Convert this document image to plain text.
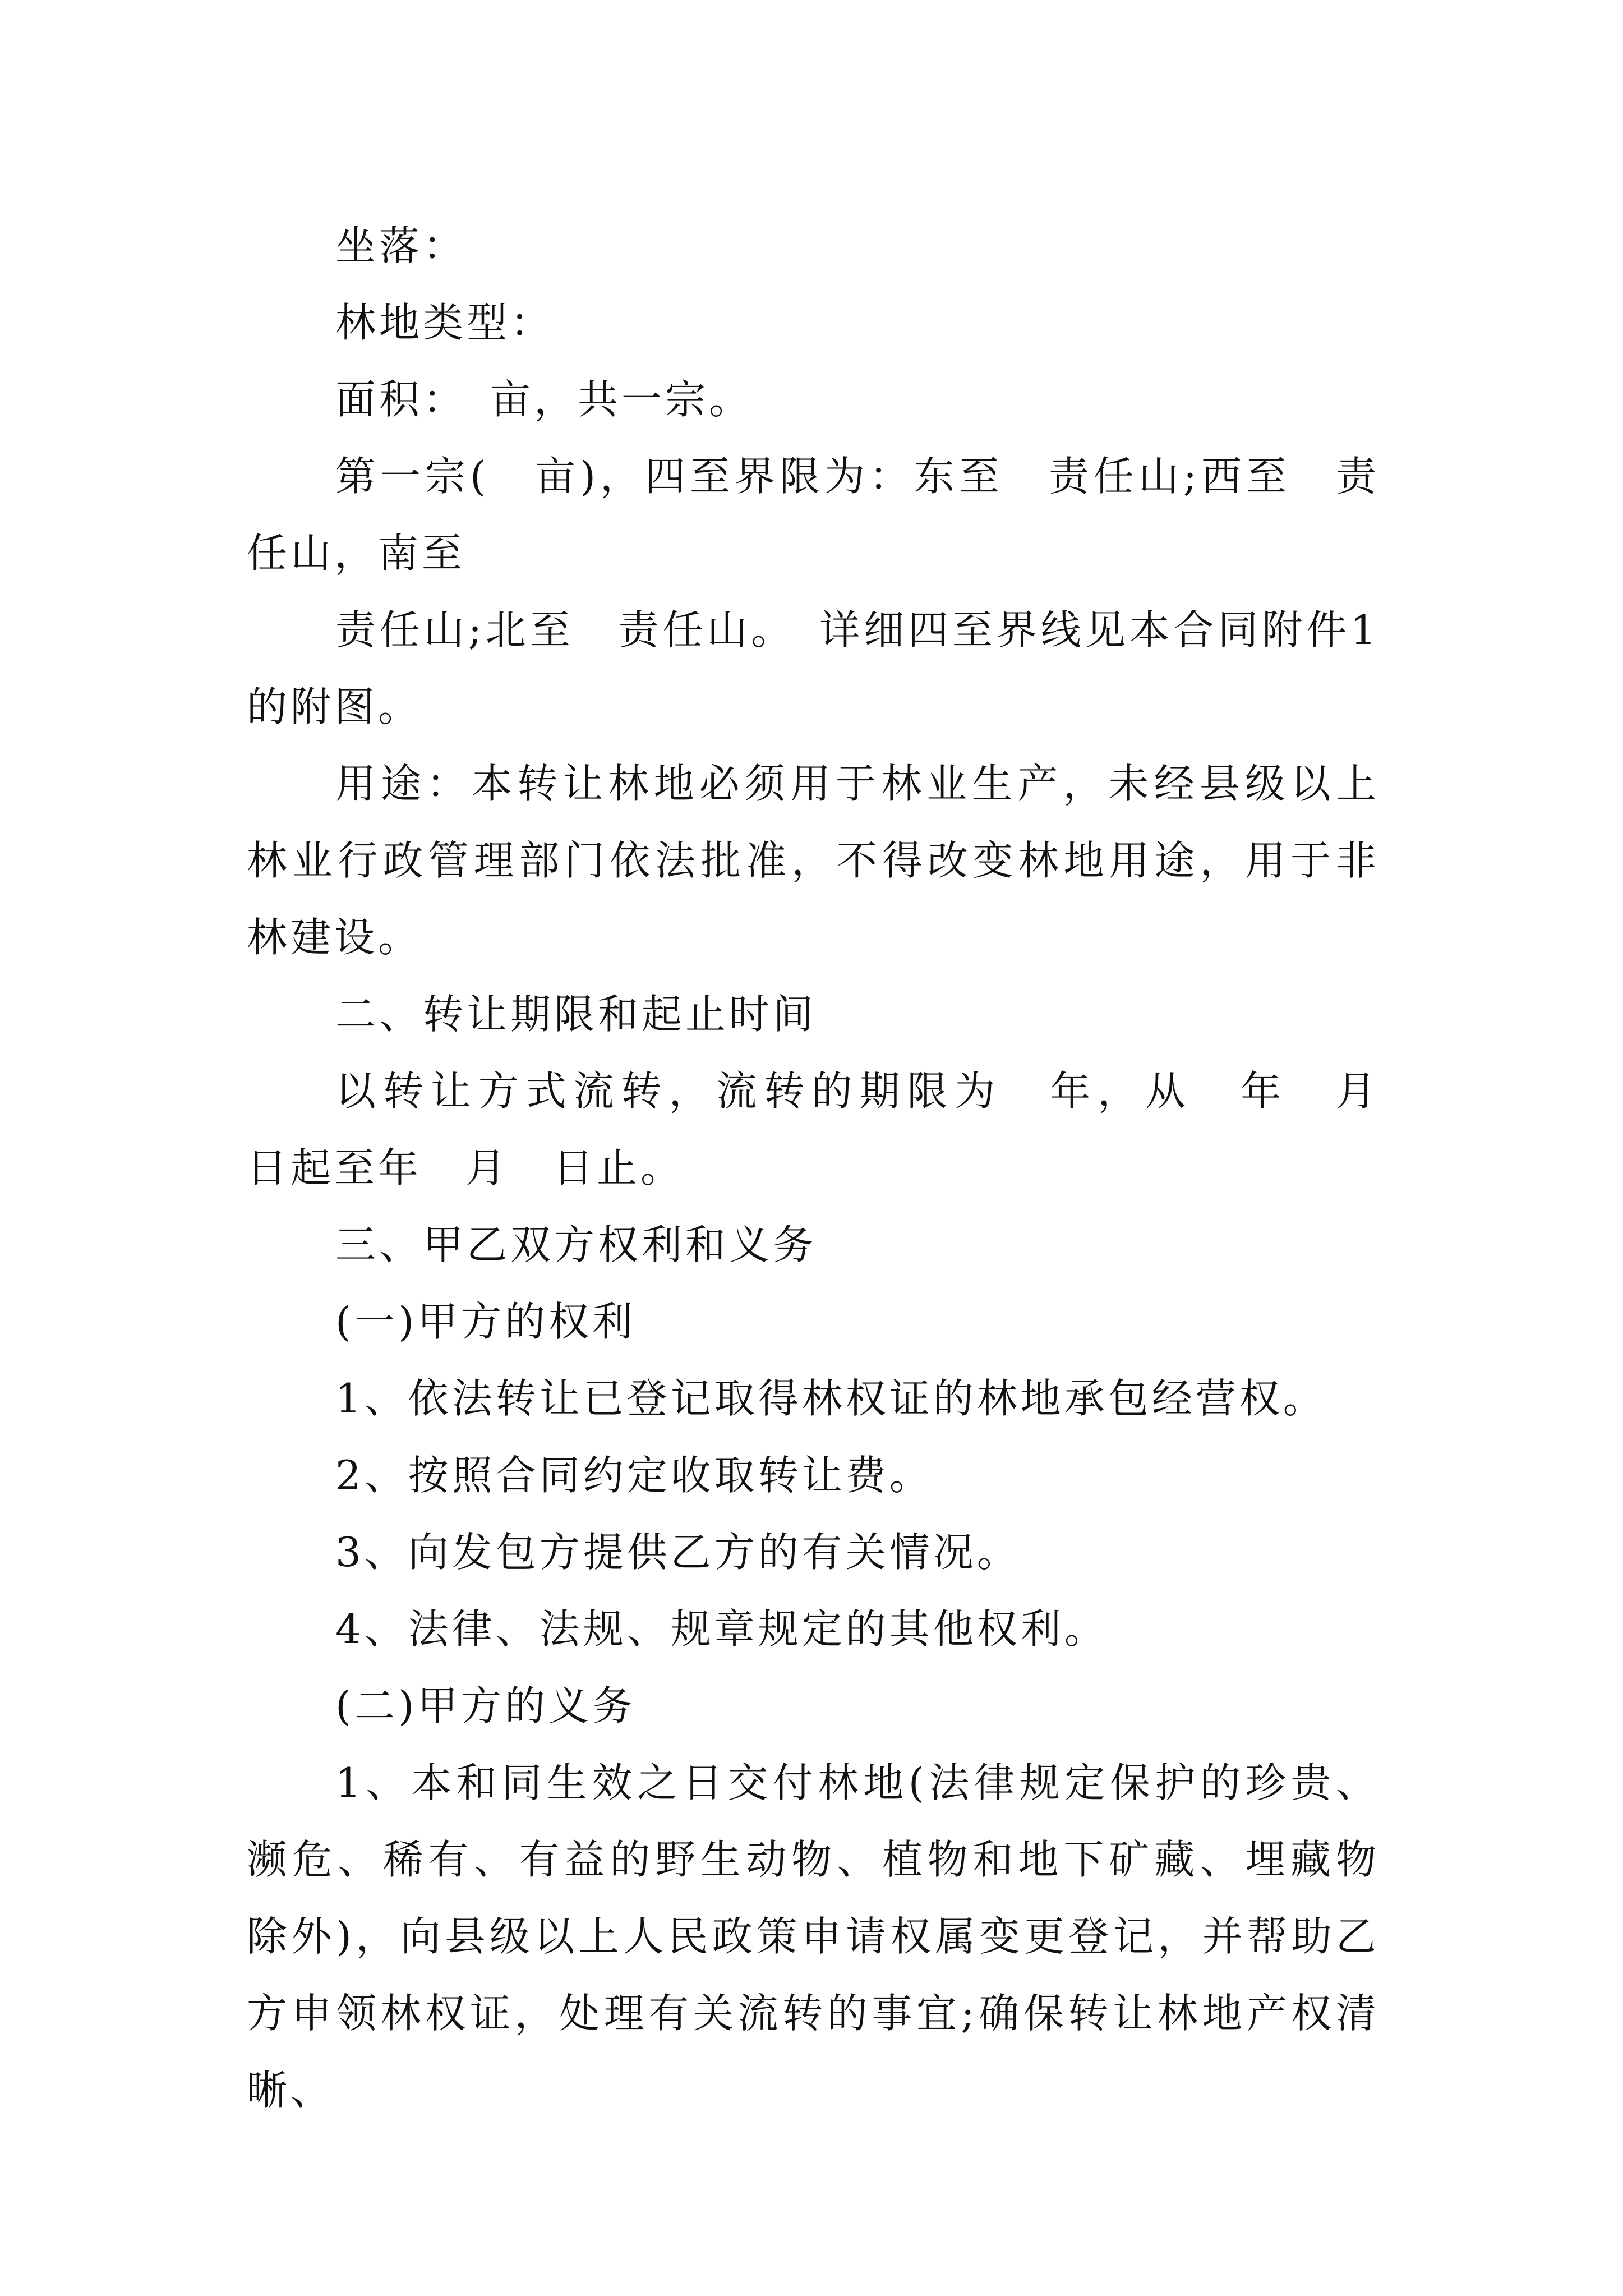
坐落：

林地类型：

面积：　亩，共一宗。

第一宗(　亩)，四至界限为：东至　责任山;西至　责任山，南至

责任山;北至　责任山。　详细四至界线见本合同附件1的附图。

用途：本转让林地必须用于林业生产，未经县级以上林业行政管理部门依法批准，不得改变林地用途，用于非林建设。

二、转让期限和起止时间

以转让方式流转，流转的期限为　年，从　年　月　日起至年　月　日止。

三、甲乙双方权利和义务

(一)甲方的权利

1、依法转让已登记取得林权证的林地承包经营权。

2、按照合同约定收取转让费。

3、向发包方提供乙方的有关情况。

4、法律、法规、规章规定的其他权利。

(二)甲方的义务

1、本和同生效之日交付林地(法律规定保护的珍贵、濒危、稀有、有益的野生动物、植物和地下矿藏、埋藏物除外)，向县级以上人民政策申请权属变更登记，并帮助乙方申领林权证，处理有关流转的事宜;确保转让林地产权清晰、
